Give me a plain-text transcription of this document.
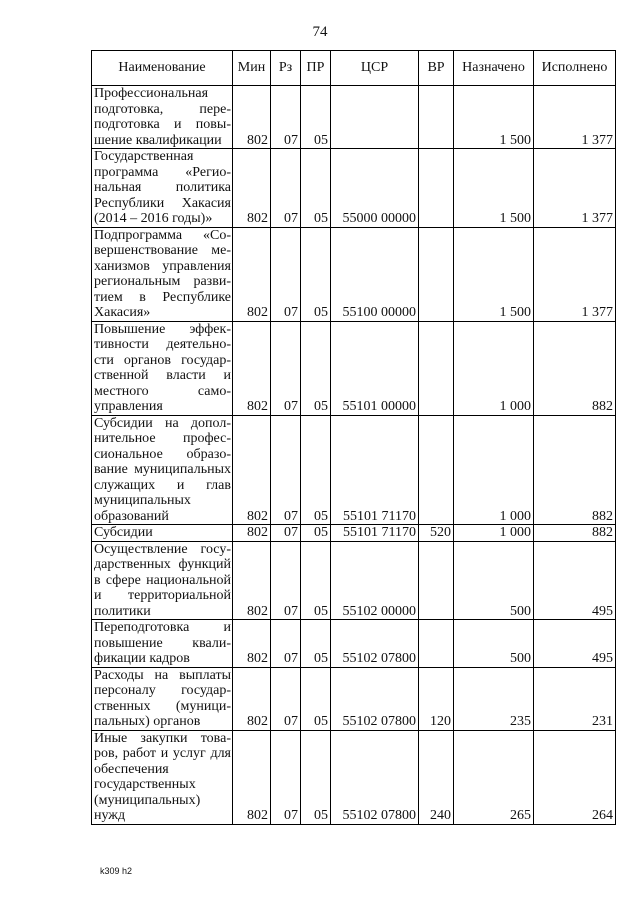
74
Наименование	Мин	Рз	ПР	ЦСР	ВР	Назначено	Исполнено
Профессиональная подготовка, переподготовка и повышение квалификации	802	07	05			1 500	1 377
Государственная программа «Региональная политика Республики Хакасия (2014 – 2016 годы)»	802	07	05	55000 00000		1 500	1 377
Подпрограмма «Совершенствование механизмов управления региональным развитием в Республике Хакасия»	802	07	05	55100 00000		1 500	1 377
Повышение эффективности деятельности органов государственной власти и местного самоуправления	802	07	05	55101 00000		1 000	882
Субсидии на дополнительное профессиональное образование муниципальных служащих и глав муниципальных образований	802	07	05	55101 71170		1 000	882
Субсидии	802	07	05	55101 71170	520	1 000	882
Осуществление государственных функций в сфере национальной и территориальной политики	802	07	05	55102 00000		500	495
Переподготовка и повышение квалификации кадров	802	07	05	55102 07800		500	495
Расходы на выплаты персоналу государственных (муниципальных) органов	802	07	05	55102 07800	120	235	231
Иные закупки товаров, работ и услуг для обеспечения государственных (муниципальных) нужд	802	07	05	55102 07800	240	265	264
k309 h2
